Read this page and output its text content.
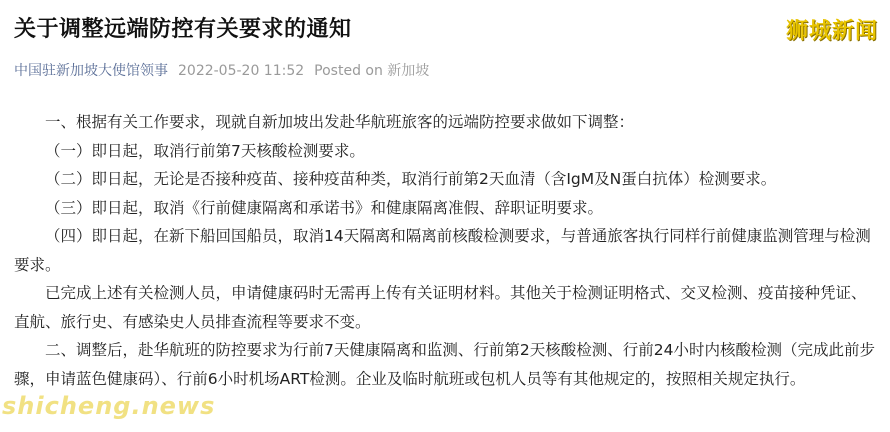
关于调整远端防控有关要求的通知	狮城新闻
中国驻新加坡大使馆领事 2022-05-20 11:52 Posted on 新加坡

一、根据有关工作要求，现就自新加坡出发赴华航班旅客的远端防控要求做如下调整：

（一）即日起，取消行前第7天核酸检测要求。

（二）即日起，无论是否接种疫苗、接种疫苗种类，取消行前第2天血清（含IgM及N蛋白抗体）检测要求。

（三）即日起，取消《行前健康隔离和承诺书》和健康隔离准假、辞职证明要求。

（四）即日起，在新下船回国船员，取消14天隔离和隔离前核酸检测要求，与普通旅客执行同样行前健康监测管理与检测要求。

已完成上述有关检测人员，申请健康码时无需再上传有关证明材料。其他关于检测证明格式、交叉检测、疫苗接种凭证、直航、旅行史、有感染史人员排查流程等要求不变。

二、调整后，赴华航班的防控要求为行前7天健康隔离和监测、行前第2天核酸检测、行前24小时内核酸检测（完成此前步骤，申请蓝色健康码）、行前6小时机场ART检测。企业及临时航班或包机人员等有其他规定的，按照相关规定执行。

shicheng.news
